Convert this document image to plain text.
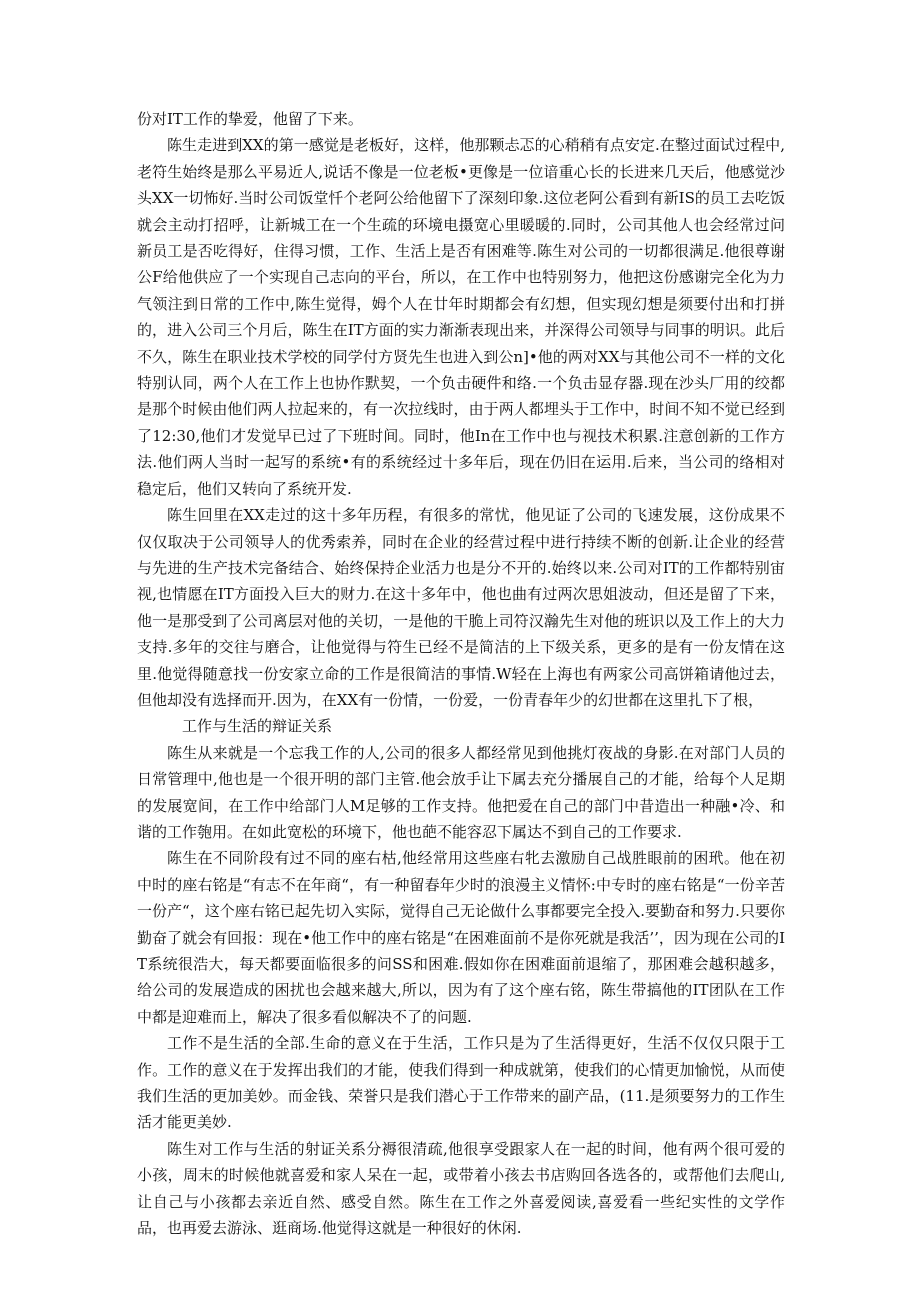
份对IT工作的挚爱，他留了下来。

陈生走进到XX的第一感觉是老板好，这样，他那颗忐忑的心稍稍有点安定.在整过面试过程中,老符生始终是那么平易近人,说话不像是一位老板•更像是一位谙重心长的长进来几天后，他感觉沙头XX一切怖好.当时公司饭堂忏个老阿公给他留下了深刻印象.这位老阿公看到有新IS的员工去吃饭就会主动打招呼，让新城工在一个生疏的环境电摄宽心里暖暖的.同时，公司其他人也会经常过问新员工是否吃得好，住得习惯，工作、生活上是否有困难等.陈生对公司的一切都很满足.他很尊谢公F给他供应了一个实现自己志向的平台，所以，在工作中也特别努力，他把这份感谢完全化为力气领注到日常的工作中,陈生觉得，姆个人在廿年时期都会有幻想，但实现幻想是须要付出和打拼的，进入公司三个月后，陈生在IT方面的实力渐渐表现出来，并深得公司领导与同事的明识。此后不久，陈生在职业技术学校的同学付方贤先生也进入到公n]•他的两对XX与其他公司不一样的文化特别认同，两个人在工作上也协作默契，一个负击硬件和络.一个负击显存器.现在沙头厂用的绞都是那个时候由他们两人拉起来的，有一次拉线时，由于两人都埋头于工作中，时间不知不觉已经到了12:30,他们才发觉早已过了下班时间。同时，他In在工作中也与视技术积累.注意创新的工作方法.他们两人当时一起写的系统•有的系统经过十多年后，现在仍旧在运用.后来，当公司的络相对稳定后，他们又转向了系统开发.

陈生回里在XX走过的这十多年历程，有很多的常忧，他见证了公司的飞速发展，这份成果不仅仅取决于公司领导人的优秀索养，同时在企业的经营过程中进行持续不断的创新.让企业的经营与先进的生产技术完备结合、始终保持企业活力也是分不开的.始终以来.公司对IT的工作都特别宙视,也情愿在IT方面投入巨大的财力.在这十多年中，他也曲有过两次思姐波动，但还是留了下来，他一是那受到了公司离层对他的关切，一是他的干脆上司符汉瀚先生对他的班识以及工作上的大力支持.多年的交往与磨合，让他觉得与符生已经不是简洁的上下级关系，更多的是有一份友情在这里.他觉得随意找一份安家立命的工作是很简洁的事情.W轻在上海也有两家公司高饼箱请他过去，但他却没有选择而开.因为，在XX有一份情，一份爱，一份青春年少的幻世都在这里扎下了根，

工作与生活的辩证关系

陈生从来就是一个忘我工作的人,公司的很多人都经常见到他挑灯夜战的身影.在对部门人员的日常管理中,他也是一个很开明的部门主管.他会放手让下属去充分播展自己的才能，给每个人足期的发展宽间，在工作中给部门人M足够的工作支持。他把爱在自己的部门中昔造出一种融•冷、和谐的工作匏用。在如此宽松的环境下，他也葩不能容忍下属达不到自己的工作要求.

陈生在不同阶段有过不同的座右枯,他经常用这些座右牝去激励自己战胜眼前的困玳。他在初中时的座右铭是“有志不在年商“，有一种留春年少时的浪漫主义情怀:中专时的座右铭是“一份辛苦一份产“，这个座右铭已起先切入实际，觉得自己无论做什么事都要完全投入.要勤奋和努力.只要你勤奋了就会有回报：现在•他工作中的座右铭是“在困难面前不是你死就是我活’’，因为现在公司的IT系统很浩大，每天都要面临很多的问SS和困难.假如你在困难面前退缩了，那困难会越积越多，给公司的发展造成的困扰也会越来越大,所以，因为有了这个座右铭，陈生带搞他的IT团队在工作中都是迎难而上，解决了很多看似解决不了的问题.

工作不是生活的全部.生命的意义在于生活，工作只是为了生活得更好，生活不仅仅只限于工作。工作的意义在于发挥出我们的才能，使我们得到一种成就第，使我们的心情更加愉悦，从而使我们生活的更加美妙。而金钱、荣誉只是我们潜心于工作带来的副产品，(11.是须要努力的工作生活才能更美妙.

陈生对工作与生活的射证关系分褥很清疏,他很享受跟家人在一起的时间，他有两个很可爱的小孩，周末的时候他就喜爱和家人呆在一起，或带着小孩去书店购回各选各的，或帮他们去爬山,让自己与小孩都去亲近自然、感受自然。陈生在工作之外喜爱阅读,喜爱看一些纪实性的文学作品，也再爱去游泳、逛商场.他觉得这就是一种很好的休闲.
